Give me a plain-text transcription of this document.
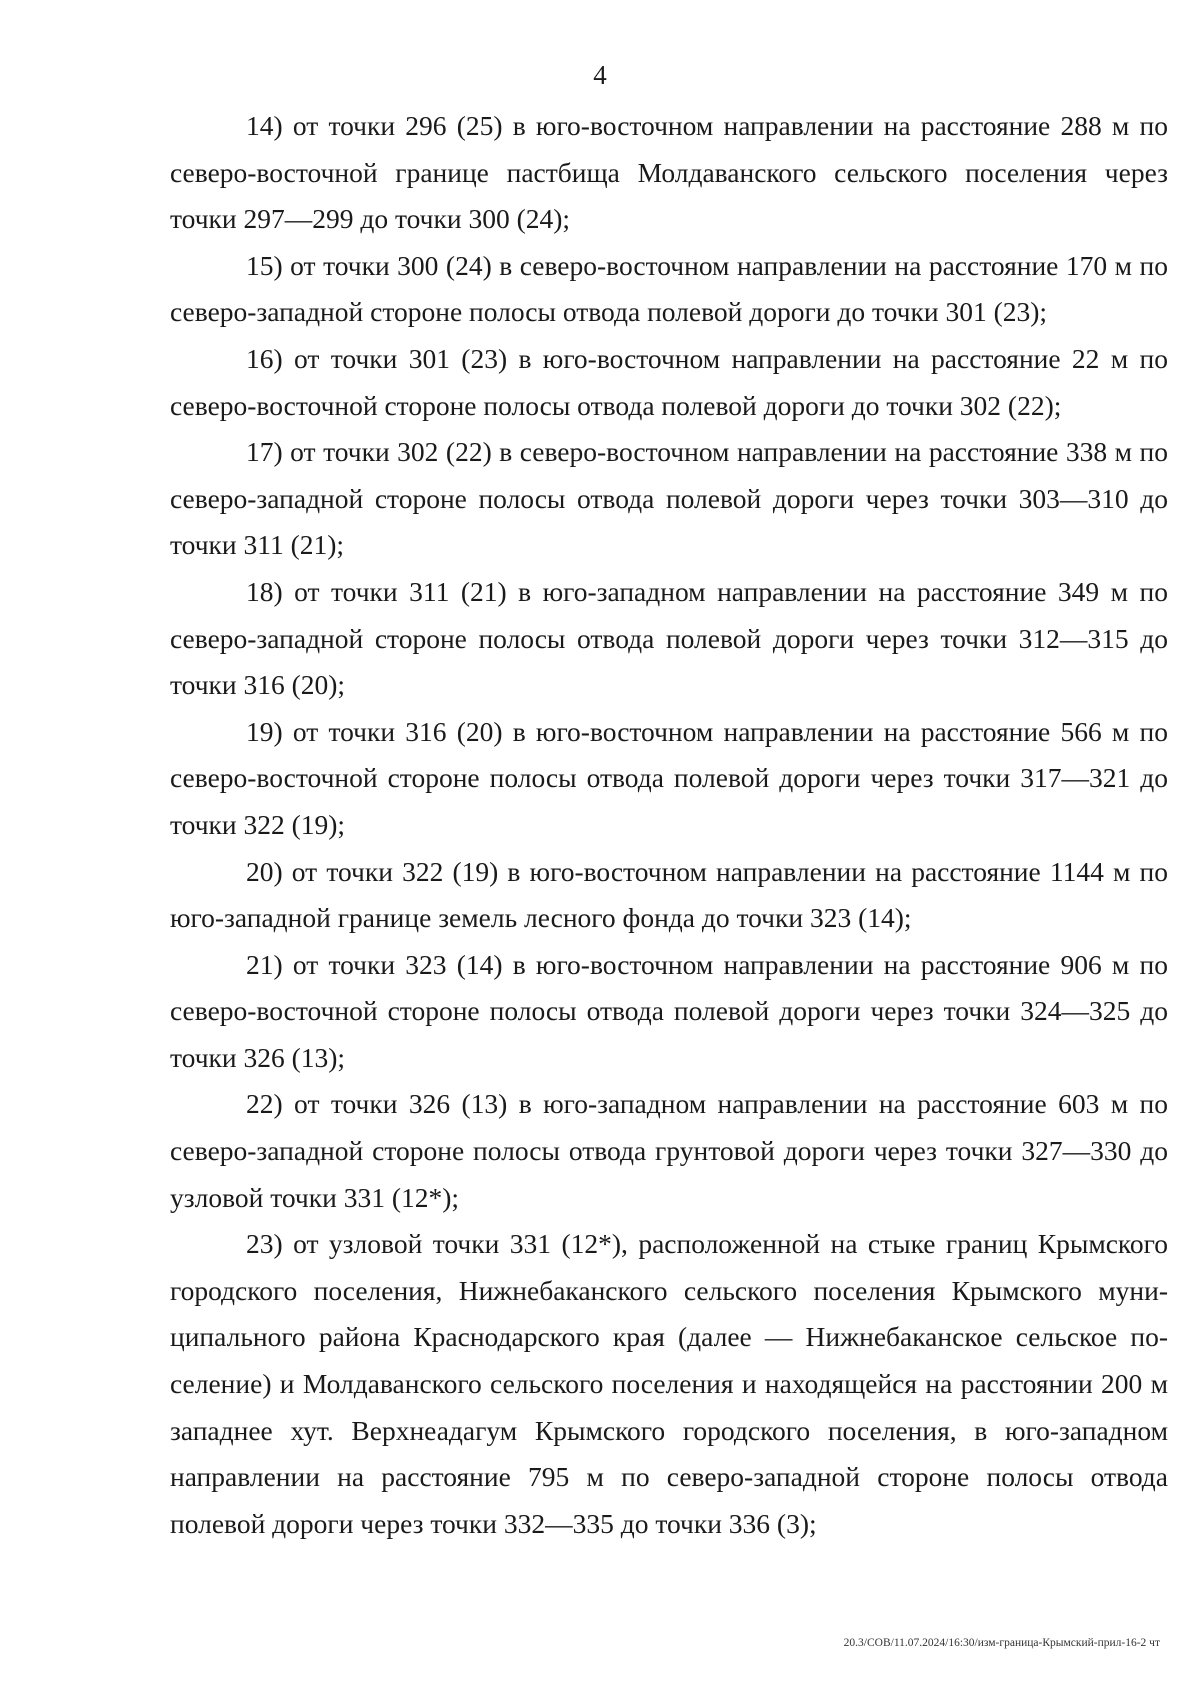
4

14) от точки 296 (25) в юго-восточном направлении на расстояние 288 м по северо-восточной границе пастбища Молдаванского сельского поселения через точки 297—299 до точки 300 (24);

15) от точки 300 (24) в северо-восточном направлении на расстояние 170 м по северо-западной стороне полосы отвода полевой дороги до точки 301 (23);

16) от точки 301 (23) в юго-восточном направлении на расстояние 22 м по северо-восточной стороне полосы отвода полевой дороги до точки 302 (22);

17) от точки 302 (22) в северо-восточном направлении на расстояние 338 м по северо-западной стороне полосы отвода полевой дороги через точки 303—310 до точки 311 (21);

18) от точки 311 (21) в юго-западном направлении на расстояние 349 м по северо-западной стороне полосы отвода полевой дороги через точки 312—315 до точки 316 (20);

19) от точки 316 (20) в юго-восточном направлении на расстояние 566 м по северо-восточной стороне полосы отвода полевой дороги через точки 317—321 до точки 322 (19);

20) от точки 322 (19) в юго-восточном направлении на расстояние 1144 м по юго-западной границе земель лесного фонда до точки 323 (14);

21) от точки 323 (14) в юго-восточном направлении на расстояние 906 м по северо-восточной стороне полосы отвода полевой дороги через точки 324—325 до точки 326 (13);

22) от точки 326 (13) в юго-западном направлении на расстояние 603 м по северо-западной стороне полосы отвода грунтовой дороги через точки 327—330 до узловой точки 331 (12*);

23) от узловой точки 331 (12*), расположенной на стыке границ Крымского городского поселения, Нижнебаканского сельского поселения Крымского муниципального района Краснодарского края (далее — Нижнебаканское сельское поселение) и Молдаванского сельского поселения и находящейся на расстоянии 200 м западнее хут. Верхнеадагум Крымского городского поселения, в юго-западном направлении на расстояние 795 м по северо-западной стороне полосы отвода полевой дороги через точки 332—335 до точки 336 (3);

20.3/СОВ/11.07.2024/16:30/изм-граница-Крымский-прил-16-2 чт
